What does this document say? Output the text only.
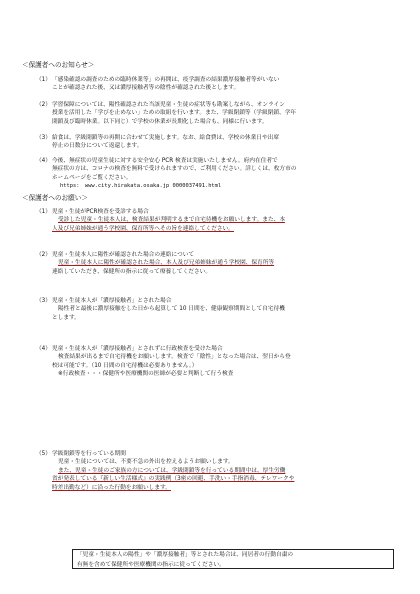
＜保護者へのお知らせ＞
（1） 「感染確認の調査のための臨時休業等」の再開は、疫学調査の結果濃厚接触者等がいない

ことが確認された後、又は濃厚接触者等の陰性が確認された後とします。

（2） 学習保障については、陽性確認された当該児童・生徒の症状等も勘案しながら、オンライン

授業を活用した「学びを止めない」ための取組を行います。また、学級閉鎖等（学級閉鎖、学年

閉鎖及び臨時休業。以下同じ）で学校の休業が長期化した場合も、同様に行います。

（3） 給食は、学級閉鎖等の再開に合わせて実施します。なお、給食費は、学校の休業日や出席

停止の日数分について返還します。

（4） 今後、無症状の児童生徒に対する安全安心 PCR 検査は実施いたしません。府内在住者で

無症状の方は、コロナの検査を無料で受けられますので、ご利用ください。詳しくは、枚方市の

ホームページをご覧ください。

https:　www.city.hirakata.osaka.jp 0000037491.html

＜保護者へのお願い＞
（1） 児童・生徒がPCR検査を受診する場合

受診した児童・生徒本人は、検査結果が判明するまで自宅待機をお願いします。また、本

人及び兄弟姉妹が通う学校園、保育所等へその旨を連絡してください。

（2） 児童・生徒本人に陽性が確認された場合の連絡について

児童・生徒本人に陽性が確認された場合、本人及び兄弟姉妹が通う学校園、保育所等

連絡していただき、保健所の指示に従って療養してください。

（3） 児童・生徒本人が「濃厚接触者」とされた場合

陽性者と最後に濃厚接触をした日から起算して 10 日間を、健康観察期間として自宅待機

とします。

（4） 児童・生徒本人が「濃厚接触者」とされずに行政検査を受けた場合

検査結果が出るまで自宅待機をお願いします。検査で「陰性」となった場合は、翌日から登

校は可能です。（10 日間の自宅待機は必要ありません。）

※行政検査・・・保健所や医療機関の医師が必要と判断して行う検査

（5） 学級閉鎖等を行っている期間

児童・生徒については、不要不急の外出を控えるようお願いします。

また、児童・生徒のご家族の方については、学級閉鎖等を行っている期間中は、厚生労働

省が発表している『新しい生活様式』の実践例（3密の回避、手洗い・手指消毒、テレワークや

時差出勤など）に沿った行動をお願いします。

「児童・生徒本人の陽性」や「濃厚接触者」等とされた場合は、同居者の行動自粛の

有無を含めて保健所や医療機関の指示に従ってください。
